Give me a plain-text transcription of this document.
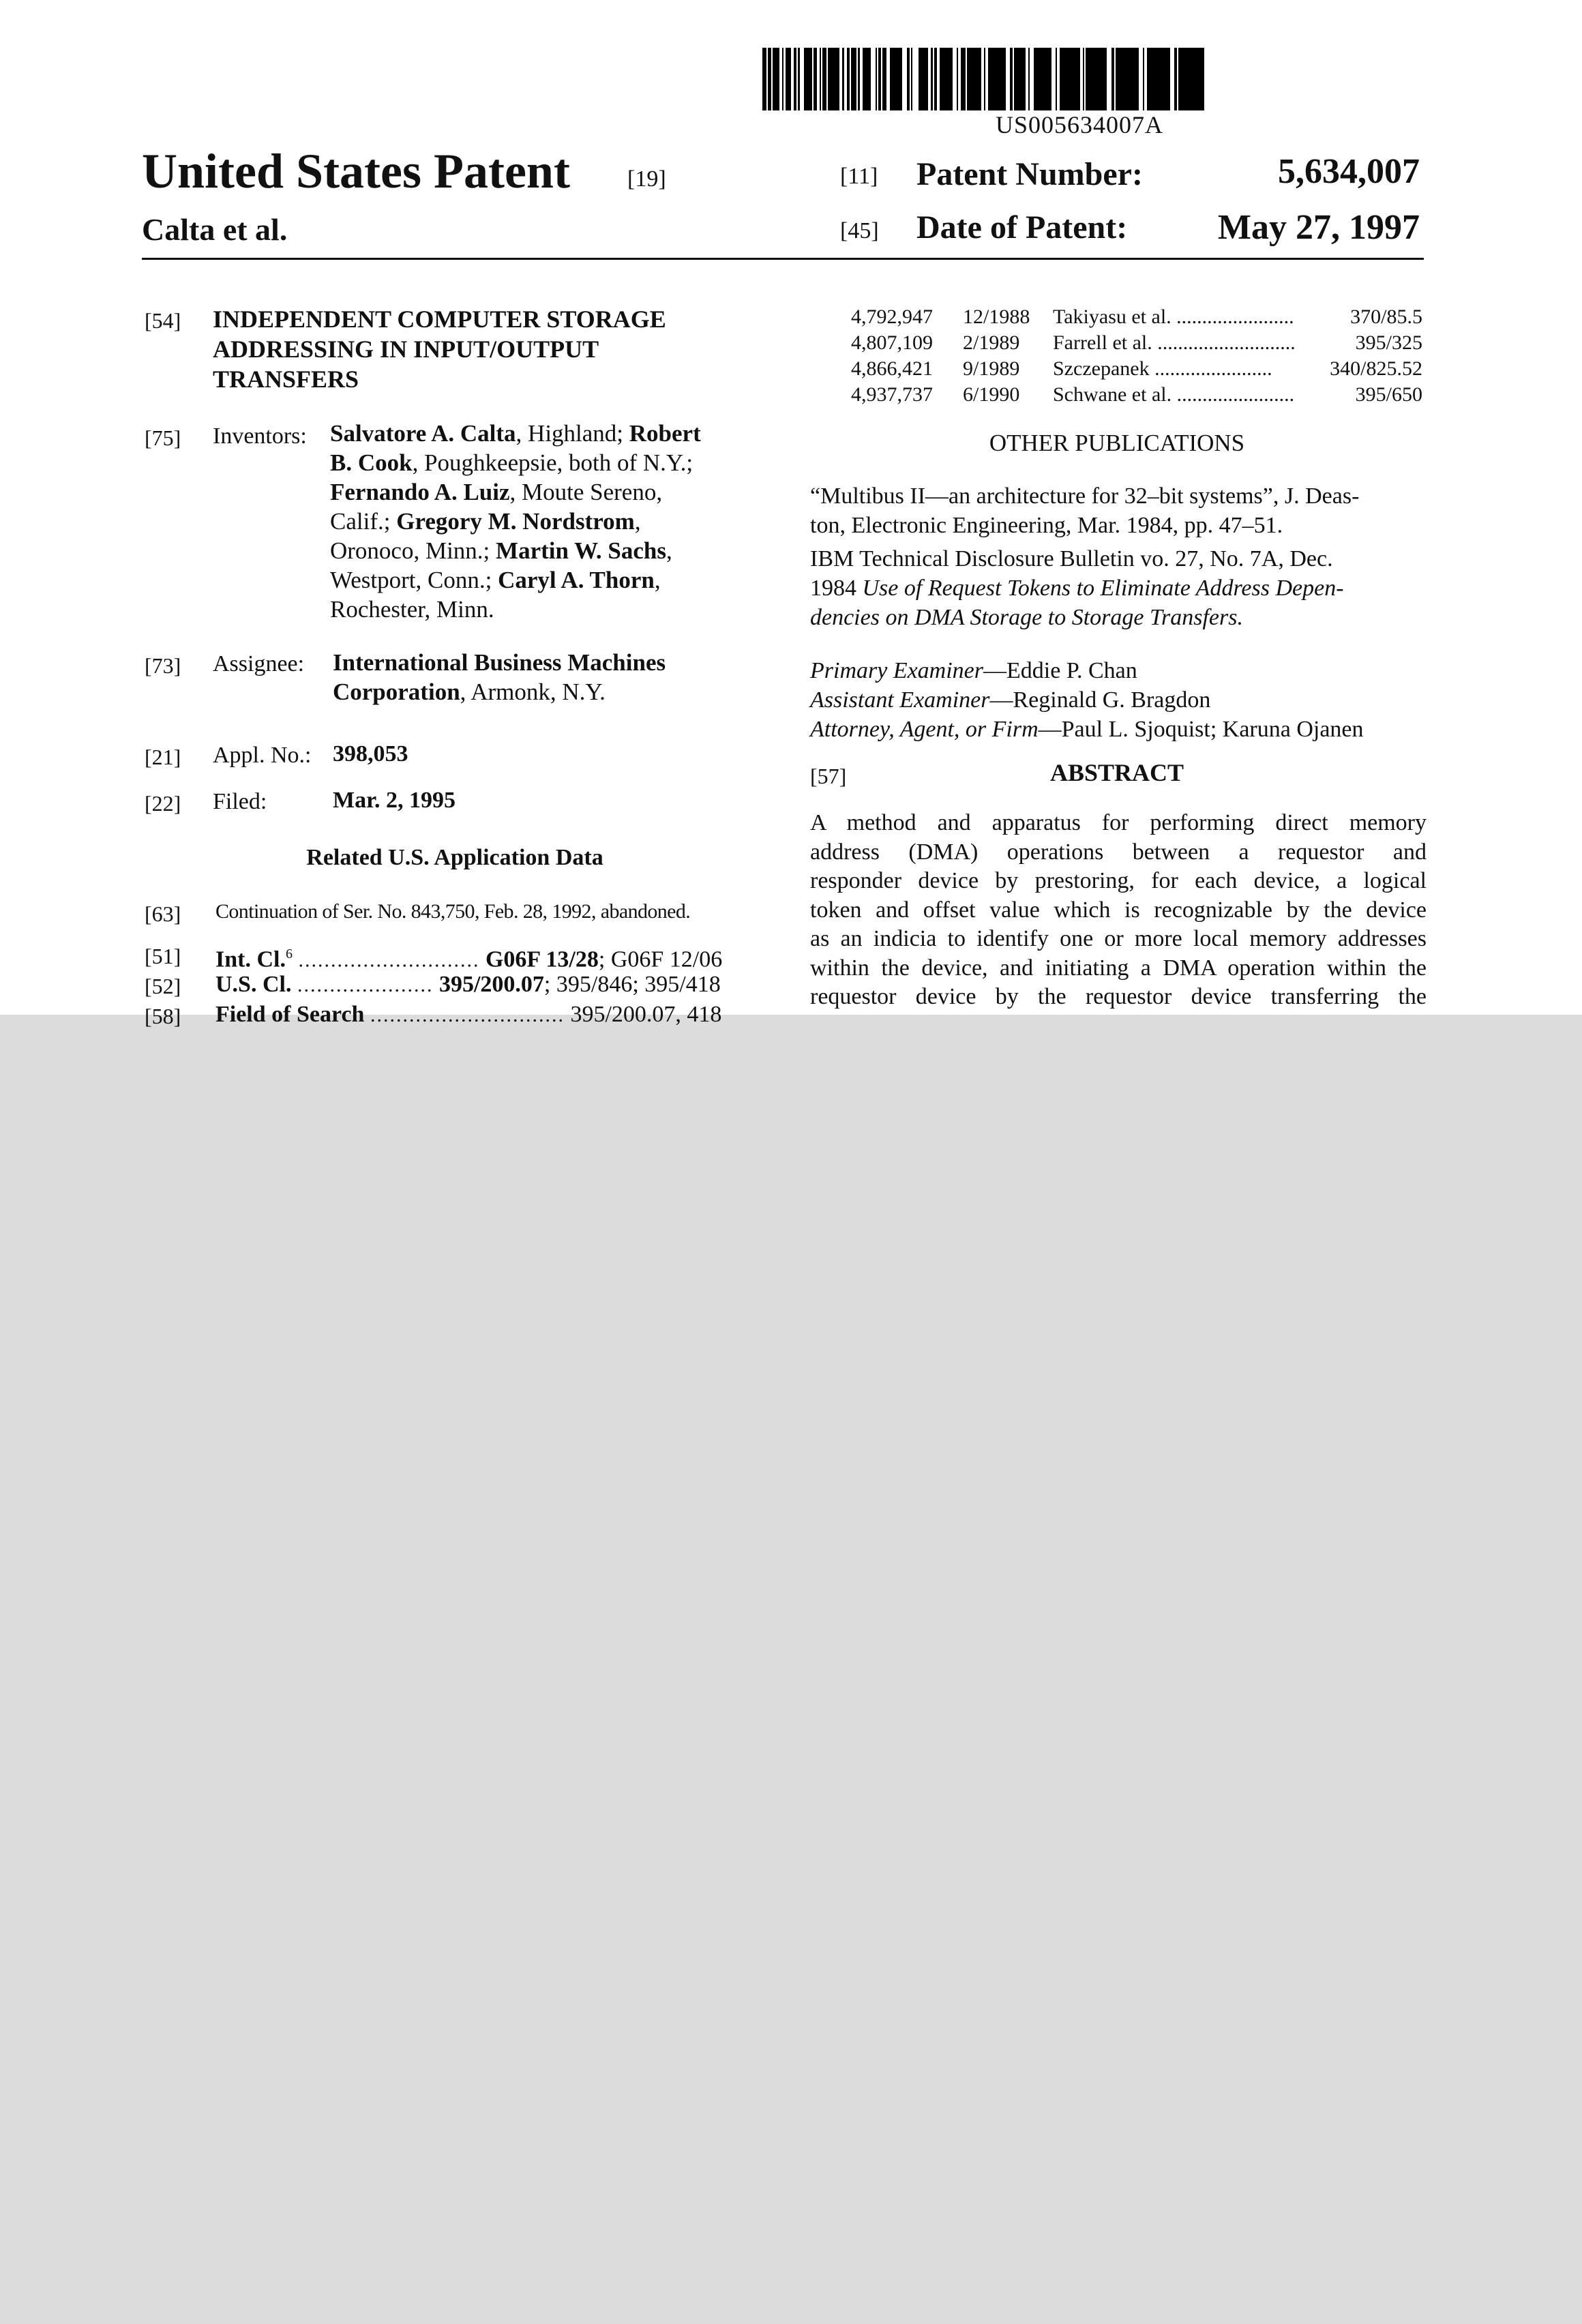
US005634007A
United States Patent [19]
Calta et al.
[11] Patent Number:	5,634,007
[45] Date of Patent:	May 27, 1997
[54] INDEPENDENT COMPUTER STORAGE
ADDRESSING IN INPUT/OUTPUT
TRANSFERS
[75] Inventors: Salvatore A. Calta, Highland; Robert
B. Cook, Poughkeepsie, both of N.Y.;
Fernando A. Luiz, Moute Sereno,
Calif.; Gregory M. Nordstrom,
Oronoco, Minn.; Martin W. Sachs,
Westport, Conn.; Caryl A. Thorn,
Rochester, Minn.
[73] Assignee: International Business Machines
Corporation, Armonk, N.Y.
[21] Appl. No.: 398,053
[22] Filed:	Mar. 2, 1995
Related U.S. Application Data
[63] Continuation of Ser. No. 843,750, Feb. 28, 1992, abandoned.
[51] Int. Cl.$^6$ ............................ G06F 13/28; G06F 12/06
[52] U.S. Cl. ..................... 395/200.07; 395/846; 395/418
[58] Field of Search .............................. 395/200.07, 418
4,792,947 12/1988 Takiyasu et al. .......................	370/85.5
4,807,109 2/1989 Farrell et al. ...........................	395/325
4,866,421 9/1989 Szczepanek .......................	340/825.52
4,937,737 6/1990 Schwane et al. .......................	395/650
OTHER PUBLICATIONS
“Multibus II—an architecture for 32–bit systems”, J. Deas-
ton, Electronic Engineering, Mar. 1984, pp. 47–51.
IBM Technical Disclosure Bulletin vo. 27, No. 7A, Dec.
1984 Use of Request Tokens to Eliminate Address Depen-
dencies on DMA Storage to Storage Transfers.
Primary Examiner—Eddie P. Chan
Assistant Examiner—Reginald G. Bragdon
Attorney, Agent, or Firm—Paul L. Sjoquist; Karuna Ojanen
[57]	ABSTRACT
A method and apparatus for performing direct memory
address (DMA) operations between a requestor and
responder device by prestoring, for each device, a logical
token and offset value which is recognizable by the device
as an indicia to identify one or more local memory addresses
within the device, and initiating a DMA operation within the
requestor device by the requestor device transferring the
